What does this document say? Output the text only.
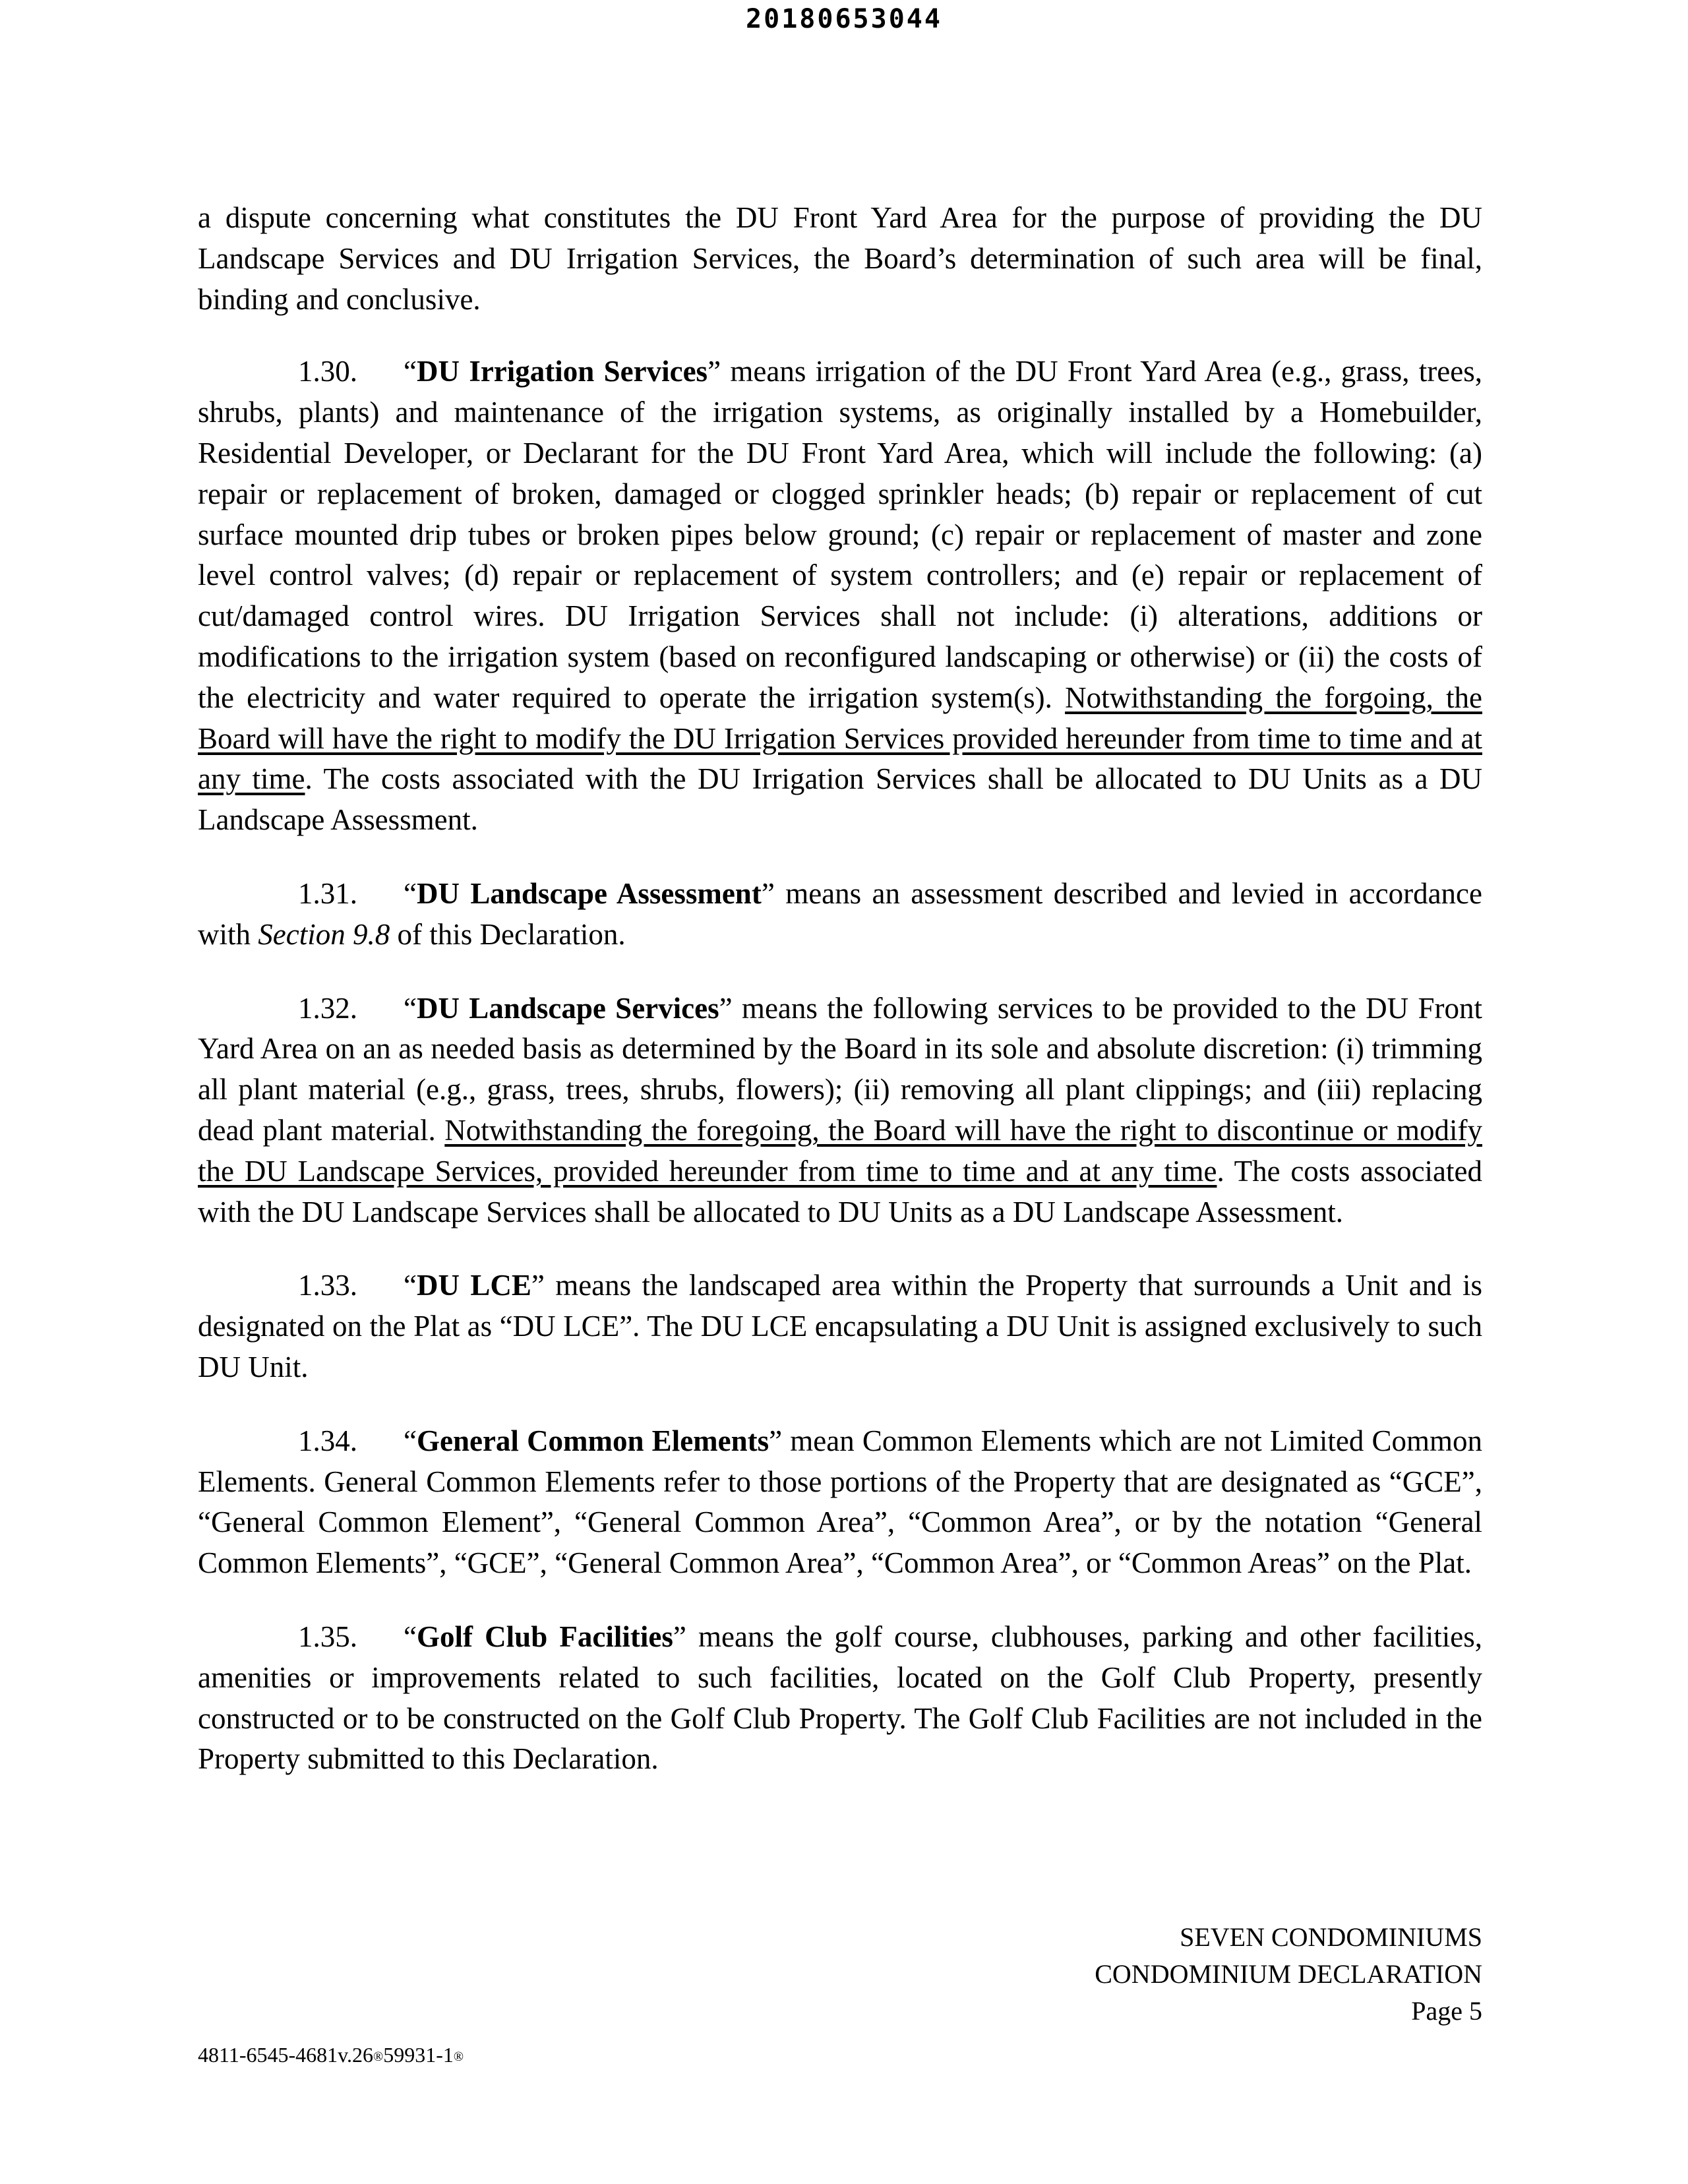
20180653044

a dispute concerning what constitutes the DU Front Yard Area for the purpose of providing the DU Landscape Services and DU Irrigation Services, the Board’s determination of such area will be final, binding and conclusive.

1.30. “DU Irrigation Services” means irrigation of the DU Front Yard Area (e.g., grass, trees, shrubs, plants) and maintenance of the irrigation systems, as originally installed by a Homebuilder, Residential Developer, or Declarant for the DU Front Yard Area, which will include the following: (a) repair or replacement of broken, damaged or clogged sprinkler heads; (b) repair or replacement of cut surface mounted drip tubes or broken pipes below ground; (c) repair or replacement of master and zone level control valves; (d) repair or replacement of system controllers; and (e) repair or replacement of cut/damaged control wires. DU Irrigation Services shall not include: (i) alterations, additions or modifications to the irrigation system (based on reconfigured landscaping or otherwise) or (ii) the costs of the electricity and water required to operate the irrigation system(s). Notwithstanding the forgoing, the Board will have the right to modify the DU Irrigation Services provided hereunder from time to time and at any time. The costs associated with the DU Irrigation Services shall be allocated to DU Units as a DU Landscape Assessment.

1.31. “DU Landscape Assessment” means an assessment described and levied in accordance with Section 9.8 of this Declaration.

1.32. “DU Landscape Services” means the following services to be provided to the DU Front Yard Area on an as needed basis as determined by the Board in its sole and absolute discretion: (i) trimming all plant material (e.g., grass, trees, shrubs, flowers); (ii) removing all plant clippings; and (iii) replacing dead plant material. Notwithstanding the foregoing, the Board will have the right to discontinue or modify the DU Landscape Services, provided hereunder from time to time and at any time. The costs associated with the DU Landscape Services shall be allocated to DU Units as a DU Landscape Assessment.

1.33. “DU LCE” means the landscaped area within the Property that surrounds a Unit and is designated on the Plat as “DU LCE”. The DU LCE encapsulating a DU Unit is assigned exclusively to such DU Unit.

1.34. “General Common Elements” mean Common Elements which are not Limited Common Elements. General Common Elements refer to those portions of the Property that are designated as “GCE”, “General Common Element”, “General Common Area”, “Common Area”, or by the notation “General Common Elements”, “GCE”, “General Common Area”, “Common Area”, or “Common Areas” on the Plat.

1.35. “Golf Club Facilities” means the golf course, clubhouses, parking and other facilities, amenities or improvements related to such facilities, located on the Golf Club Property, presently constructed or to be constructed on the Golf Club Property. The Golf Club Facilities are not included in the Property submitted to this Declaration.

SEVEN CONDOMINIUMS
CONDOMINIUM DECLARATION
Page 5
4811-6545-4681v.26®59931-1®
